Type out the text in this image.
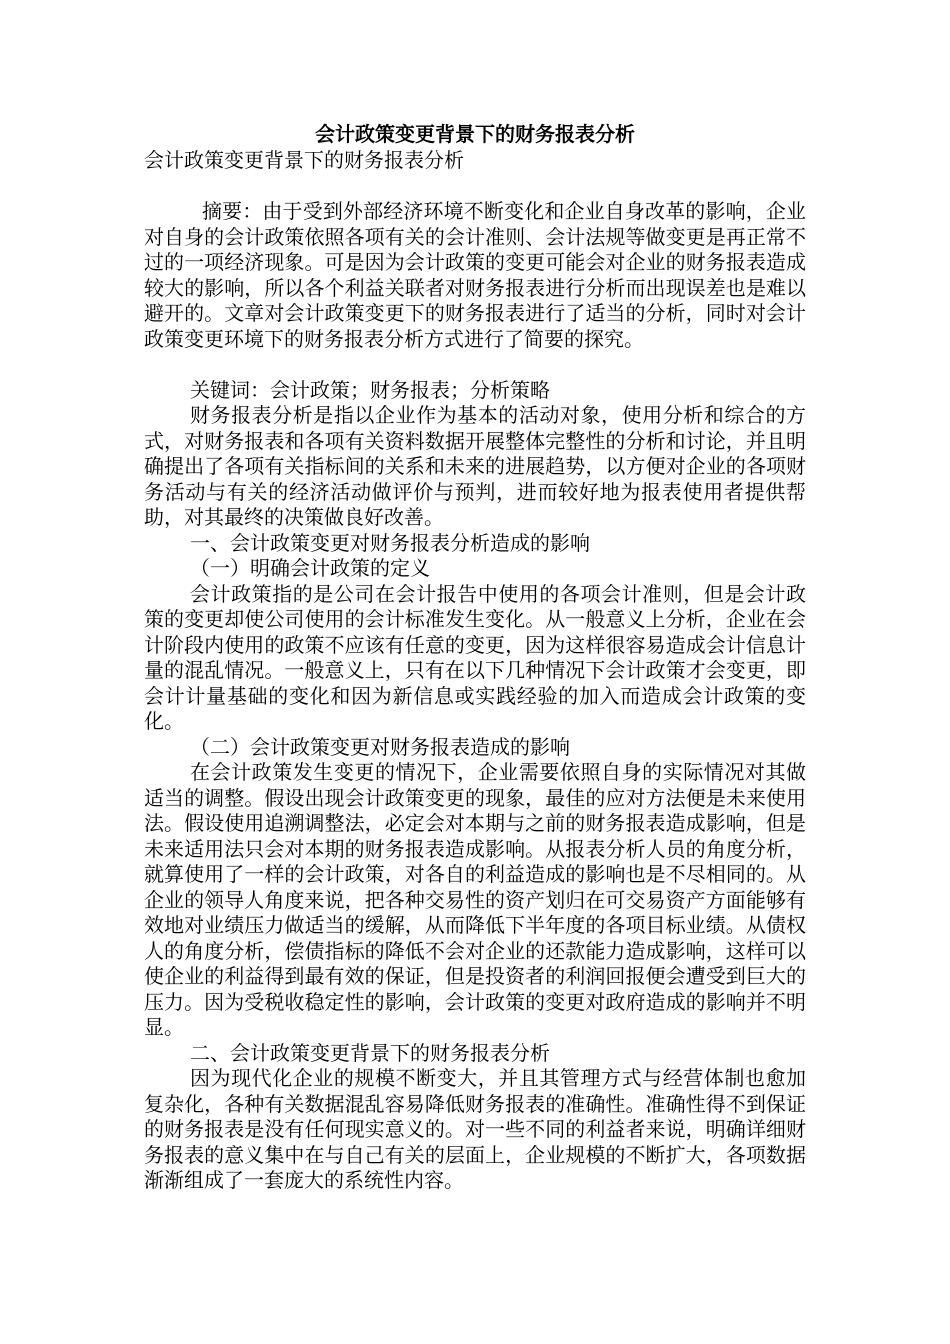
会计政策变更背景下的财务报表分析

会计政策变更背景下的财务报表分析

摘要：由于受到外部经济环境不断变化和企业自身改革的影响，企业对自身的会计政策依照各项有关的会计准则、会计法规等做变更是再正常不过的一项经济现象。可是因为会计政策的变更可能会对企业的财务报表造成较大的影响，所以各个利益关联者对财务报表进行分析而出现误差也是难以避开的。文章对会计政策变更下的财务报表进行了适当的分析，同时对会计政策变更环境下的财务报表分析方式进行了简要的探究。

关键词：会计政策；财务报表；分析策略

财务报表分析是指以企业作为基本的活动对象，使用分析和综合的方式，对财务报表和各项有关资料数据开展整体完整性的分析和讨论，并且明确提出了各项有关指标间的关系和未来的进展趋势，以方便对企业的各项财务活动与有关的经济活动做评价与预判，进而较好地为报表使用者提供帮助，对其最终的决策做良好改善。

一、会计政策变更对财务报表分析造成的影响

（一）明确会计政策的定义

会计政策指的是公司在会计报告中使用的各项会计准则，但是会计政策的变更却使公司使用的会计标准发生变化。从一般意义上分析，企业在会计阶段内使用的政策不应该有任意的变更，因为这样很容易造成会计信息计量的混乱情况。一般意义上，只有在以下几种情况下会计政策才会变更，即会计计量基础的变化和因为新信息或实践经验的加入而造成会计政策的变化。

（二）会计政策变更对财务报表造成的影响

在会计政策发生变更的情况下，企业需要依照自身的实际情况对其做适当的调整。假设出现会计政策变更的现象，最佳的应对方法便是未来使用法。假设使用追溯调整法，必定会对本期与之前的财务报表造成影响，但是未来适用法只会对本期的财务报表造成影响。从报表分析人员的角度分析，就算使用了一样的会计政策，对各自的利益造成的影响也是不尽相同的。从企业的领导人角度来说，把各种交易性的资产划归在可交易资产方面能够有效地对业绩压力做适当的缓解，从而降低下半年度的各项目标业绩。从债权人的角度分析，偿债指标的降低不会对企业的还款能力造成影响，这样可以使企业的利益得到最有效的保证，但是投资者的利润回报便会遭受到巨大的压力。因为受税收稳定性的影响，会计政策的变更对政府造成的影响并不明显。

二、会计政策变更背景下的财务报表分析

因为现代化企业的规模不断变大，并且其管理方式与经营体制也愈加复杂化，各种有关数据混乱容易降低财务报表的准确性。准确性得不到保证的财务报表是没有任何现实意义的。对一些不同的利益者来说，明确详细财务报表的意义集中在与自己有关的层面上，企业规模的不断扩大，各项数据渐渐组成了一套庞大的系统性内容。
